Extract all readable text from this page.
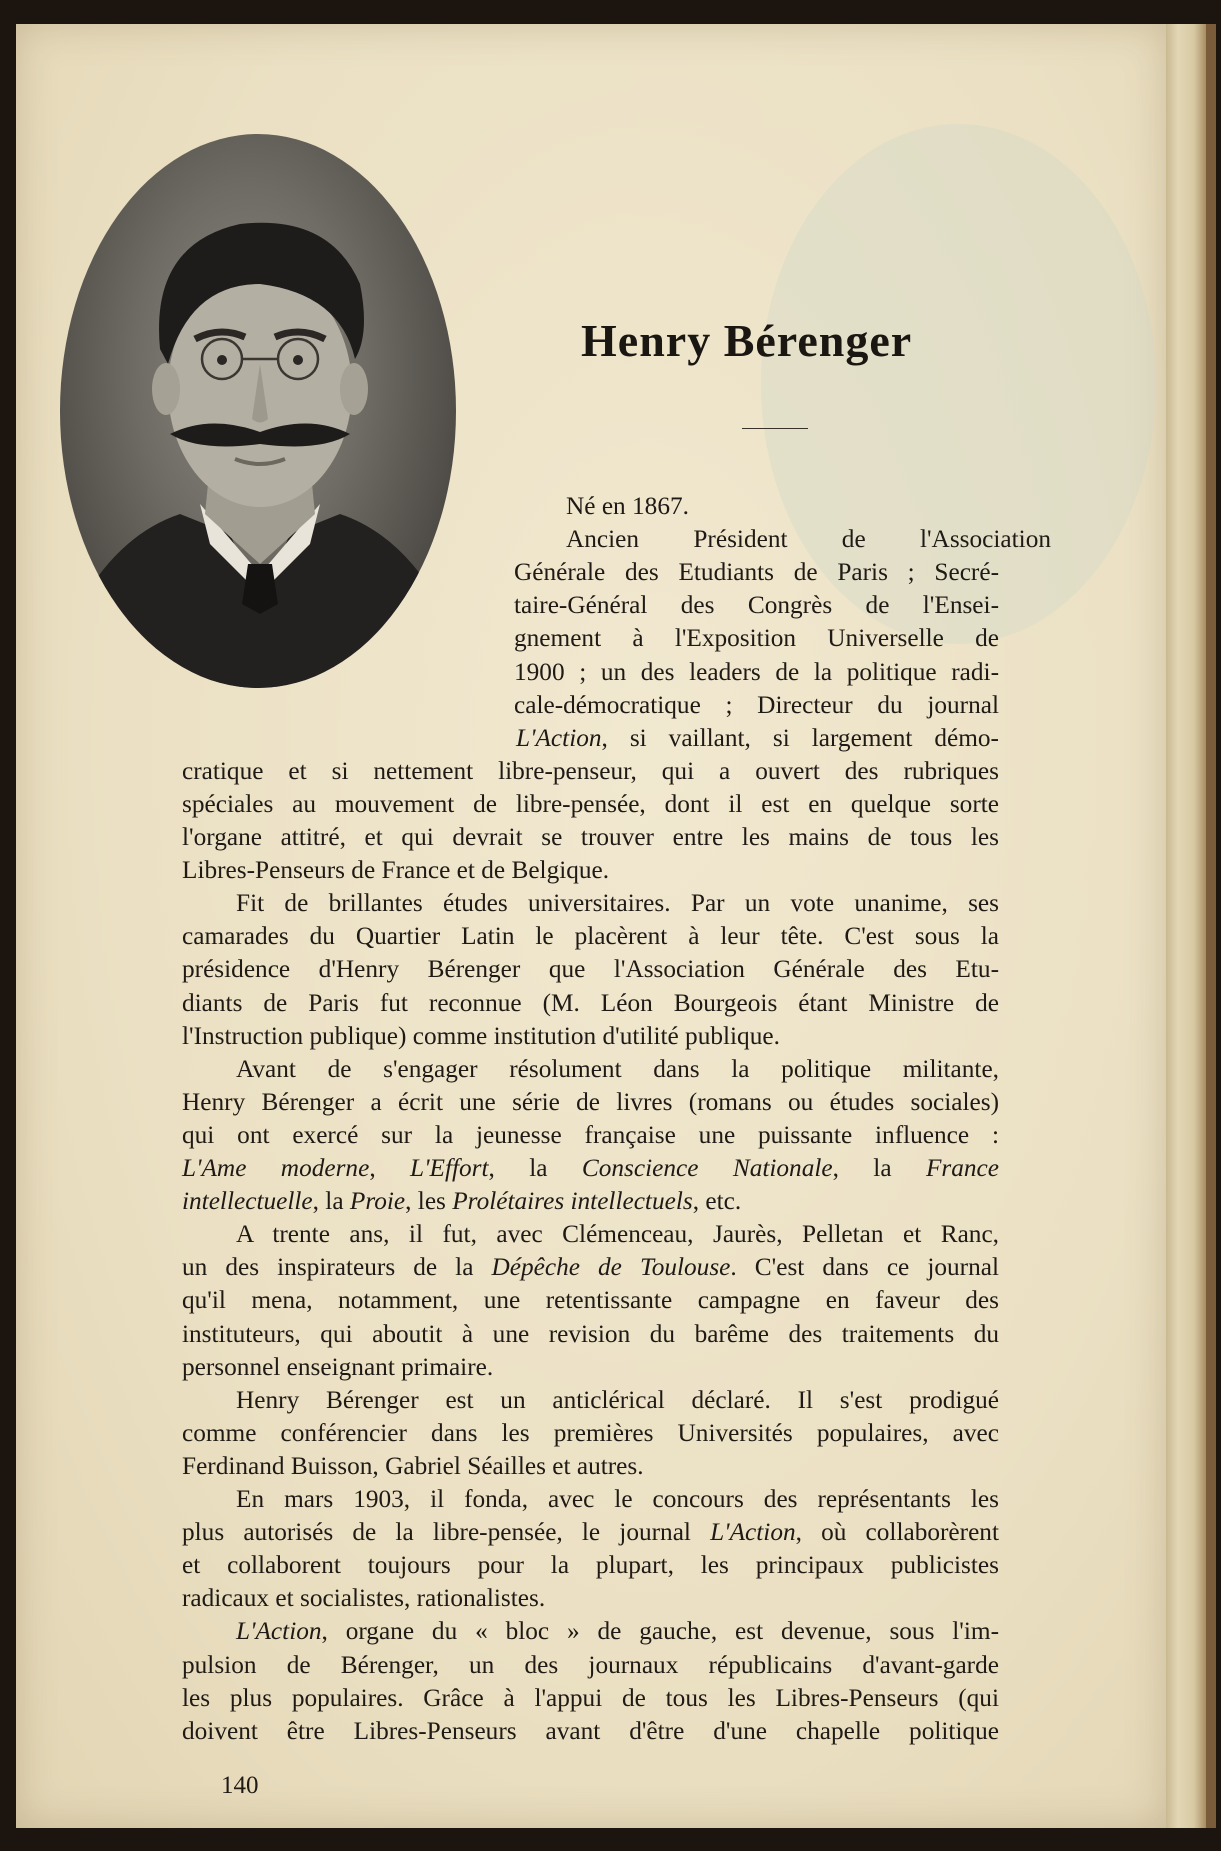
Henry Bérenger
Né en 1867.
Ancien Président de l'Association
Générale des Etudiants de Paris ; Secré-
taire-Général des Congrès de l'Ensei-
gnement à l'Exposition Universelle de
1900 ; un des leaders de la politique radi-
cale-démocratique ; Directeur du journal
L'Action, si vaillant, si largement démo-
cratique et si nettement libre-penseur, qui a ouvert des rubriques
spéciales au mouvement de libre-pensée, dont il est en quelque sorte
l'organe attitré, et qui devrait se trouver entre les mains de tous les
Libres-Penseurs de France et de Belgique.
Fit de brillantes études universitaires. Par un vote unanime, ses
camarades du Quartier Latin le placèrent à leur tête. C'est sous la
présidence d'Henry Bérenger que l'Association Générale des Etu-
diants de Paris fut reconnue (M. Léon Bourgeois étant Ministre de
l'Instruction publique) comme institution d'utilité publique.
Avant de s'engager résolument dans la politique militante,
Henry Bérenger a écrit une série de livres (romans ou études sociales)
qui ont exercé sur la jeunesse française une puissante influence :
L'Ame moderne, L'Effort, la Conscience Nationale, la France
intellectuelle, la Proie, les Prolétaires intellectuels, etc.
A trente ans, il fut, avec Clémenceau, Jaurès, Pelletan et Ranc,
un des inspirateurs de la Dépêche de Toulouse. C'est dans ce journal
qu'il mena, notamment, une retentissante campagne en faveur des
instituteurs, qui aboutit à une revision du barême des traitements du
personnel enseignant primaire.
Henry Bérenger est un anticlérical déclaré. Il s'est prodigué
comme conférencier dans les premières Universités populaires, avec
Ferdinand Buisson, Gabriel Séailles et autres.
En mars 1903, il fonda, avec le concours des représentants les
plus autorisés de la libre-pensée, le journal L'Action, où collaborèrent
et collaborent toujours pour la plupart, les principaux publicistes
radicaux et socialistes, rationalistes.
L'Action, organe du « bloc » de gauche, est devenue, sous l'im-
pulsion de Bérenger, un des journaux républicains d'avant-garde
les plus populaires. Grâce à l'appui de tous les Libres-Penseurs (qui
doivent être Libres-Penseurs avant d'être d'une chapelle politique
140
